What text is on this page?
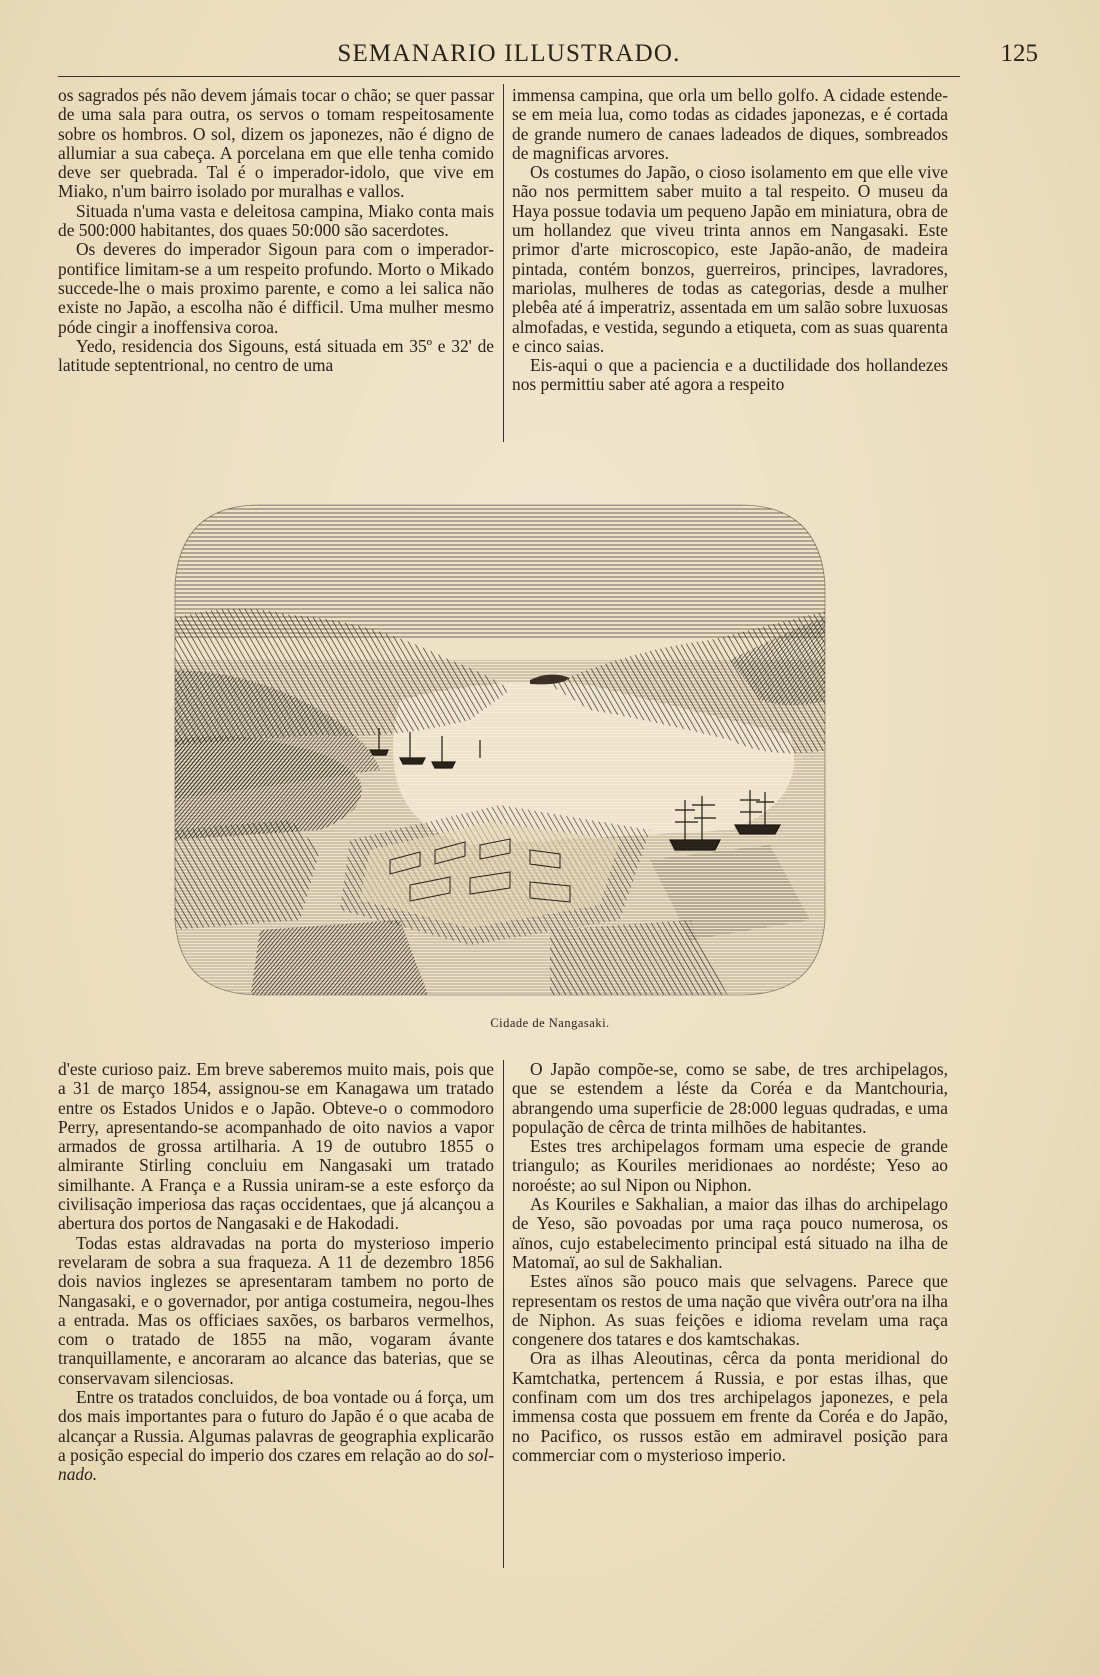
SEMANARIO ILLUSTRADO.	125

os sagrados pés não devem jámais tocar o chão; se quer passar de uma sala para outra, os servos o tomam respeitosamente sobre os hombros. O sol, dizem os japonezes, não é digno de allumiar a sua cabeça. A porcelana em que elle tenha comido deve ser quebrada. Tal é o imperador-idolo, que vive em Miako, n'um bairro isolado por muralhas e vallos.

Situada n'uma vasta e deleitosa campina, Miako conta mais de 500:000 habitantes, dos quaes 50:000 são sacerdotes.

Os deveres do imperador Sigoun para com o imperador-pontifice limitam-se a um respeito profundo. Morto o Mikado succede-lhe o mais proximo parente, e como a lei salica não existe no Japão, a escolha não é difficil. Uma mulher mesmo póde cingir a inoffensiva coroa.

Yedo, residencia dos Sigouns, está situada em 35º e 32' de latitude septentrional, no centro de uma

immensa campina, que orla um bello golfo. A cidade estende-se em meia lua, como todas as cidades japonezas, e é cortada de grande numero de canaes ladeados de diques, sombreados de magnificas arvores.

Os costumes do Japão, o cioso isolamento em que elle vive não nos permittem saber muito a tal respeito. O museu da Haya possue todavia um pequeno Japão em miniatura, obra de um hollandez que viveu trinta annos em Nangasaki. Este primor d'arte microscopico, este Japão-anão, de madeira pintada, contém bonzos, guerreiros, principes, lavradores, mariolas, mulheres de todas as categorias, desde a mulher plebêa até á imperatriz, assentada em um salão sobre luxuosas almofadas, e vestida, segundo a etiqueta, com as suas quarenta e cinco saias.

Eis-aqui o que a paciencia e a ductilidade dos hollandezes nos permittiu saber até agora a respeito

Cidade de Nangasaki.

d'este curioso paiz. Em breve saberemos muito mais, pois que a 31 de março 1854, assignou-se em Kanagawa um tratado entre os Estados Unidos e o Japão. Obteve-o o commodoro Perry, apresentando-se acompanhado de oito navios a vapor armados de grossa artilharia. A 19 de outubro 1855 o almirante Stirling concluiu em Nangasaki um tratado similhante. A França e a Russia uniram-se a este esforço da civilisação imperiosa das raças occidentaes, que já alcançou a abertura dos portos de Nangasaki e de Hakodadi.

Todas estas aldravadas na porta do mysterioso imperio revelaram de sobra a sua fraqueza. A 11 de dezembro 1856 dois navios inglezes se apresentaram tambem no porto de Nangasaki, e o governador, por antiga costumeira, negou-lhes a entrada. Mas os officiaes saxões, os barbaros vermelhos, com o tratado de 1855 na mão, vogaram ávante tranquillamente, e ancoraram ao alcance das baterias, que se conservavam silenciosas.

Entre os tratados concluidos, de boa vontade ou á força, um dos mais importantes para o futuro do Japão é o que acaba de alcançar a Russia. Algumas palavras de geographia explicarão a posição especial do imperio dos czares em relação ao do sol-nado.

O Japão compõe-se, como se sabe, de tres archipelagos, que se estendem a léste da Coréa e da Mantchouria, abrangendo uma superficie de 28:000 leguas qudradas, e uma população de cêrca de trinta milhões de habitantes.

Estes tres archipelagos formam uma especie de grande triangulo; as Kouriles meridionaes ao nordéste; Yeso ao noroéste; ao sul Nipon ou Niphon.

As Kouriles e Sakhalian, a maior das ilhas do archipelago de Yeso, são povoadas por uma raça pouco numerosa, os aïnos, cujo estabelecimento principal está situado na ilha de Matomaï, ao sul de Sakhalian.

Estes aïnos são pouco mais que selvagens. Parece que representam os restos de uma nação que vivêra outr'ora na ilha de Niphon. As suas feições e idioma revelam uma raça congenere dos tatares e dos kamtschakas.

Ora as ilhas Aleoutinas, cêrca da ponta meridional do Kamtchatka, pertencem á Russia, e por estas ilhas, que confinam com um dos tres archipelagos japonezes, e pela immensa costa que possuem em frente da Coréa e do Japão, no Pacifico, os russos estão em admiravel posição para commerciar com o mysterioso imperio.
